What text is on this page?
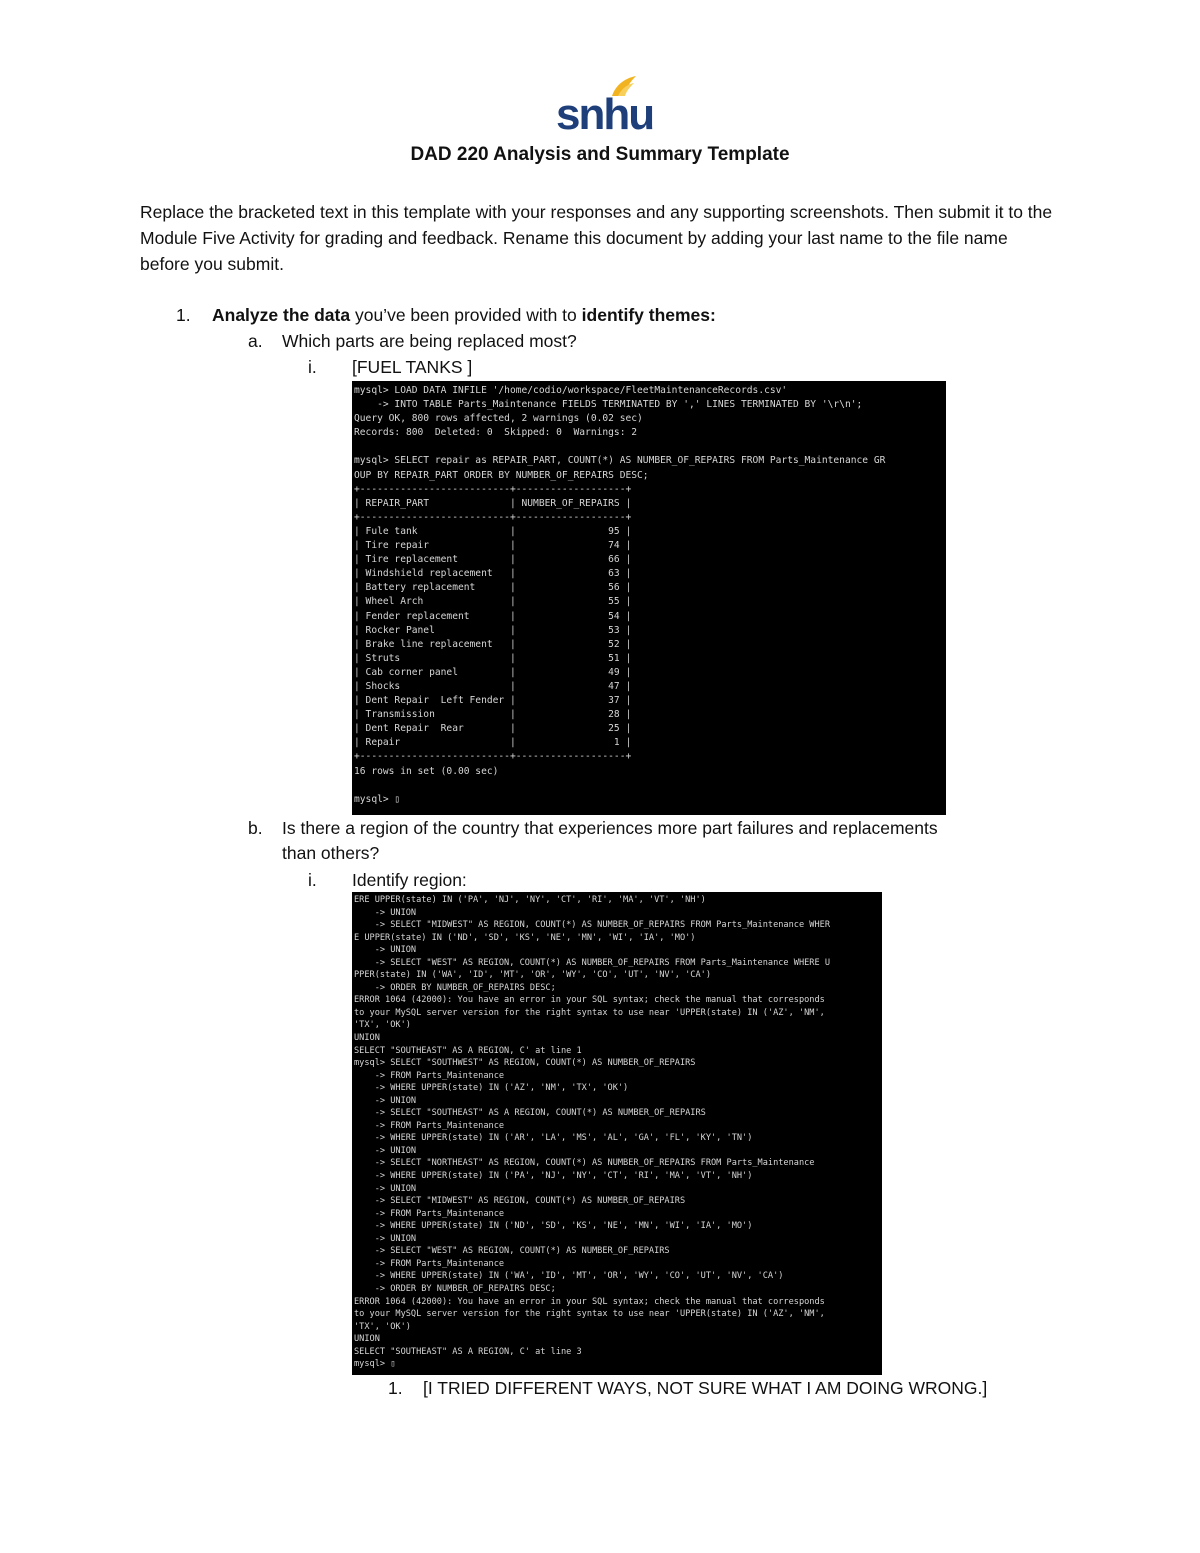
snhu
DAD 220 Analysis and Summary Template

Replace the bracketed text in this template with your responses and any supporting screenshots. Then submit it to the Module Five Activity for grading and feedback. Rename this document by adding your last name to the file name before you submit.

1. Analyze the data you’ve been provided with to identify themes:
a. Which parts are being replaced most?
i. [FUEL TANKS ]
mysql> LOAD DATA INFILE '/home/codio/workspace/FleetMaintenanceRecords.csv'
-> INTO TABLE Parts_Maintenance FIELDS TERMINATED BY ',' LINES TERMINATED BY '\r\n';
Query OK, 800 rows affected, 2 warnings (0.02 sec)
Records: 800  Deleted: 0  Skipped: 0  Warnings: 2
mysql> SELECT repair as REPAIR_PART, COUNT(*) AS NUMBER_OF_REPAIRS FROM Parts_Maintenance GR
OUP BY REPAIR_PART ORDER BY NUMBER_OF_REPAIRS DESC;
+--------------------------+-------------------+
| REPAIR_PART              | NUMBER_OF_REPAIRS |
+--------------------------+-------------------+
| Fule tank                |                95 |
| Tire repair              |                74 |
| Tire replacement         |                66 |
| Windshield replacement   |                63 |
| Battery replacement      |                56 |
| Wheel Arch               |                55 |
| Fender replacement       |                54 |
| Rocker Panel             |                53 |
| Brake line replacement   |                52 |
| Struts                   |                51 |
| Cab corner panel         |                49 |
| Shocks                   |                47 |
| Dent Repair  Left Fender |                37 |
| Transmission             |                28 |
| Dent Repair  Rear        |                25 |
| Repair                   |                 1 |
+--------------------------+-------------------+
16 rows in set (0.00 sec)
mysql> ▯
b. Is there a region of the country that experiences more part failures and replacements
than others?
i. Identify region:
ERE UPPER(state) IN ('PA', 'NJ', 'NY', 'CT', 'RI', 'MA', 'VT', 'NH')
-> UNION
-> SELECT "MIDWEST" AS REGION, COUNT(*) AS NUMBER_OF_REPAIRS FROM Parts_Maintenance WHER
E UPPER(state) IN ('ND', 'SD', 'KS', 'NE', 'MN', 'WI', 'IA', 'MO')
-> UNION
-> SELECT "WEST" AS REGION, COUNT(*) AS NUMBER_OF_REPAIRS FROM Parts_Maintenance WHERE U
PPER(state) IN ('WA', 'ID', 'MT', 'OR', 'WY', 'CO', 'UT', 'NV', 'CA')
-> ORDER BY NUMBER_OF_REPAIRS DESC;
ERROR 1064 (42000): You have an error in your SQL syntax; check the manual that corresponds
to your MySQL server version for the right syntax to use near 'UPPER(state) IN ('AZ', 'NM',
'TX', 'OK')
UNION
SELECT "SOUTHEAST" AS A REGION, C' at line 1
mysql> SELECT "SOUTHWEST" AS REGION, COUNT(*) AS NUMBER_OF_REPAIRS
-> FROM Parts_Maintenance
-> WHERE UPPER(state) IN ('AZ', 'NM', 'TX', 'OK')
-> UNION
-> SELECT "SOUTHEAST" AS A REGION, COUNT(*) AS NUMBER_OF_REPAIRS
-> FROM Parts_Maintenance
-> WHERE UPPER(state) IN ('AR', 'LA', 'MS', 'AL', 'GA', 'FL', 'KY', 'TN')
-> UNION
-> SELECT "NORTHEAST" AS REGION, COUNT(*) AS NUMBER_OF_REPAIRS FROM Parts_Maintenance
-> WHERE UPPER(state) IN ('PA', 'NJ', 'NY', 'CT', 'RI', 'MA', 'VT', 'NH')
-> UNION
-> SELECT "MIDWEST" AS REGION, COUNT(*) AS NUMBER_OF_REPAIRS
-> FROM Parts_Maintenance
-> WHERE UPPER(state) IN ('ND', 'SD', 'KS', 'NE', 'MN', 'WI', 'IA', 'MO')
-> UNION
-> SELECT "WEST" AS REGION, COUNT(*) AS NUMBER_OF_REPAIRS
-> FROM Parts_Maintenance
-> WHERE UPPER(state) IN ('WA', 'ID', 'MT', 'OR', 'WY', 'CO', 'UT', 'NV', 'CA')
-> ORDER BY NUMBER_OF_REPAIRS DESC;
ERROR 1064 (42000): You have an error in your SQL syntax; check the manual that corresponds
to your MySQL server version for the right syntax to use near 'UPPER(state) IN ('AZ', 'NM',
'TX', 'OK')
UNION
SELECT "SOUTHEAST" AS A REGION, C' at line 3
mysql> ▯
1. [I TRIED DIFFERENT WAYS, NOT SURE WHAT I AM DOING WRONG.]
